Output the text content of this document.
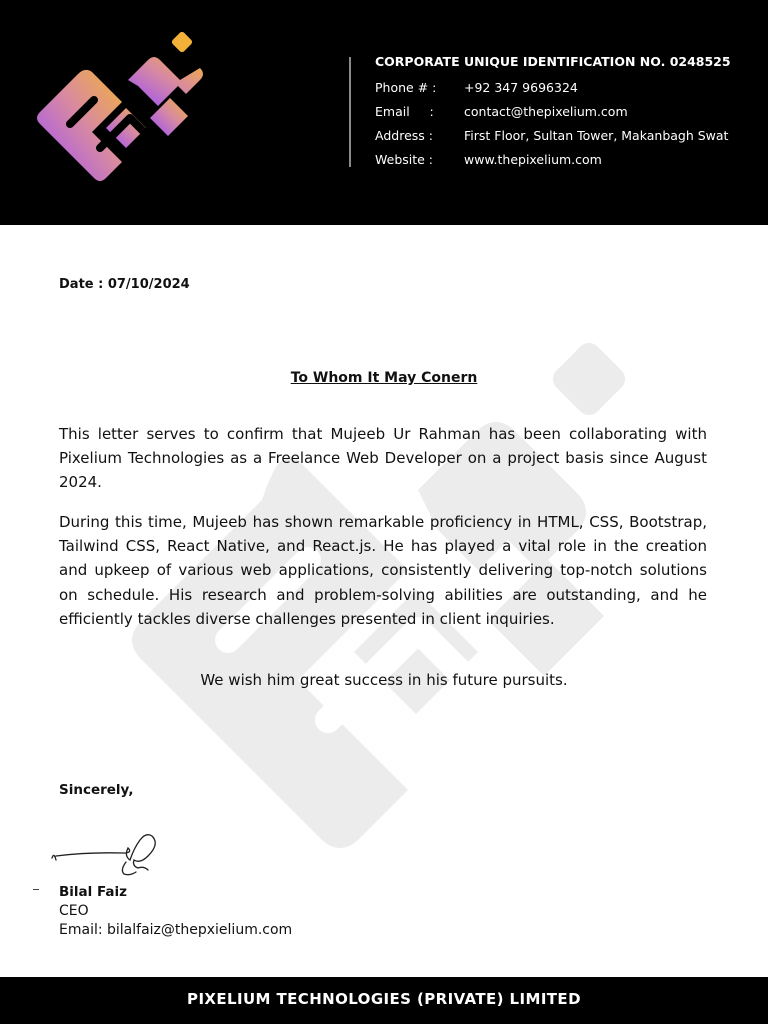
CORPORATE UNIQUE IDENTIFICATION NO. 0248525
Phone # : +92 347 9696324
Email     : contact@thepixelium.com
Address : First Floor, Sultan Tower, Makanbagh Swat
Website : www.thepixelium.com
Date : 07/10/2024
To Whom It May Conern

This letter serves to confirm that Mujeeb Ur Rahman has been collaborating with Pixelium Technologies as a Freelance Web Developer on a project basis since August 2024.

During this time, Mujeeb has shown remarkable proficiency in HTML, CSS, Bootstrap, Tailwind CSS, React Native, and React.js. He has played a vital role in the creation and upkeep of various web applications, consistently delivering top-notch solutions on schedule. His research and problem-solving abilities are outstanding, and he efficiently tackles diverse challenges presented in client inquiries.

We wish him great success in his future pursuits.

Sincerely,
Bilal Faiz
CEO
Email: bilalfaiz@thepxielium.com
PIXELIUM TECHNOLOGIES (PRIVATE) LIMITED
